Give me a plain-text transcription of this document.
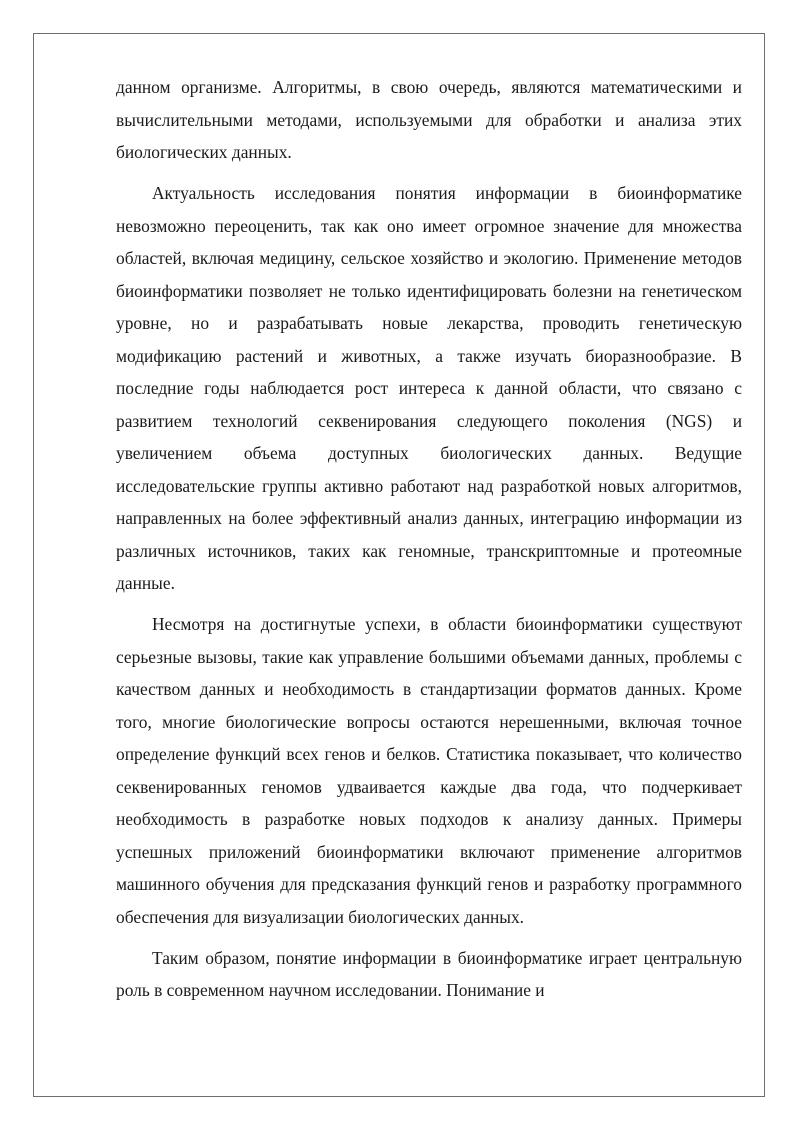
данном организме. Алгоритмы, в свою очередь, являются математическими и вычислительными методами, используемыми для обработки и анализа этих биологических данных.

Актуальность исследования понятия информации в биоинформатике невозможно переоценить, так как оно имеет огромное значение для множества областей, включая медицину, сельское хозяйство и экологию. Применение методов биоинформатики позволяет не только идентифицировать болезни на генетическом уровне, но и разрабатывать новые лекарства, проводить генетическую модификацию растений и животных, а также изучать биоразнообразие. В последние годы наблюдается рост интереса к данной области, что связано с развитием технологий секвенирования следующего поколения (NGS) и увеличением объема доступных биологических данных. Ведущие исследовательские группы активно работают над разработкой новых алгоритмов, направленных на более эффективный анализ данных, интеграцию информации из различных источников, таких как геномные, транскриптомные и протеомные данные.

Несмотря на достигнутые успехи, в области биоинформатики существуют серьезные вызовы, такие как управление большими объемами данных, проблемы с качеством данных и необходимость в стандартизации форматов данных. Кроме того, многие биологические вопросы остаются нерешенными, включая точное определение функций всех генов и белков. Статистика показывает, что количество секвенированных геномов удваивается каждые два года, что подчеркивает необходимость в разработке новых подходов к анализу данных. Примеры успешных приложений биоинформатики включают применение алгоритмов машинного обучения для предсказания функций генов и разработку программного обеспечения для визуализации биологических данных.

Таким образом, понятие информации в биоинформатике играет центральную роль в современном научном исследовании. Понимание и
